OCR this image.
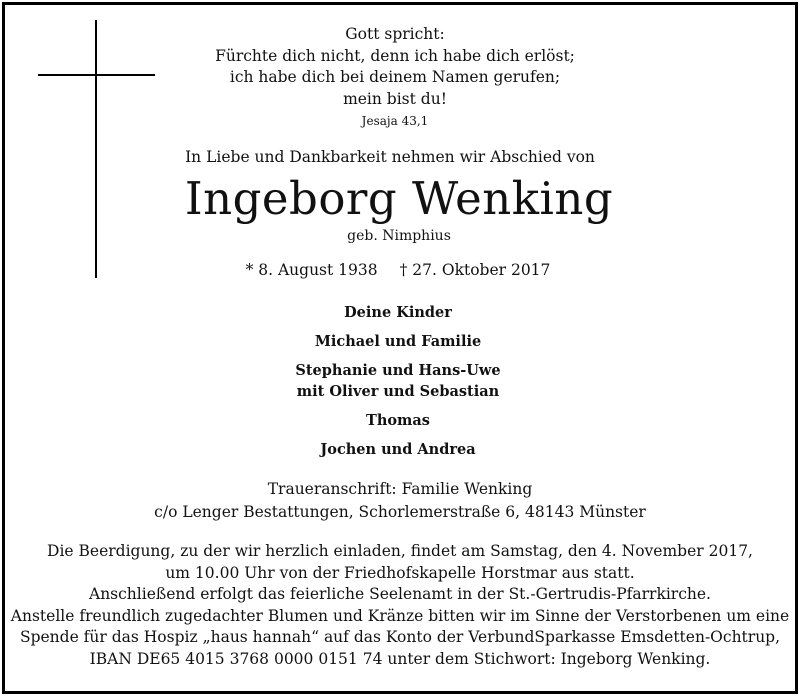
Gott spricht:
Fürchte dich nicht, denn ich habe dich erlöst;
ich habe dich bei deinem Namen gerufen;
mein bist du!
Jesaja 43,1
In Liebe und Dankbarkeit nehmen wir Abschied von
Ingeborg Wenking
geb. Nimphius
* 8. August 1938 † 27. Oktober 2017
Deine Kinder
Michael und Familie
Stephanie und Hans-Uwe
mit Oliver und Sebastian
Thomas
Jochen und Andrea
Traueranschrift: Familie Wenking
c/o Lenger Bestattungen, Schorlemerstraße 6, 48143 Münster
Die Beerdigung, zu der wir herzlich einladen, findet am Samstag, den 4. November 2017,
um 10.00 Uhr von der Friedhofskapelle Horstmar aus statt.
Anschließend erfolgt das feierliche Seelenamt in der St.-Gertrudis-Pfarrkirche.
Anstelle freundlich zugedachter Blumen und Kränze bitten wir im Sinne der Verstorbenen um eine
Spende für das Hospiz „haus hannah“ auf das Konto der VerbundSparkasse Emsdetten-Ochtrup,
IBAN DE65 4015 3768 0000 0151 74 unter dem Stichwort: Ingeborg Wenking.
